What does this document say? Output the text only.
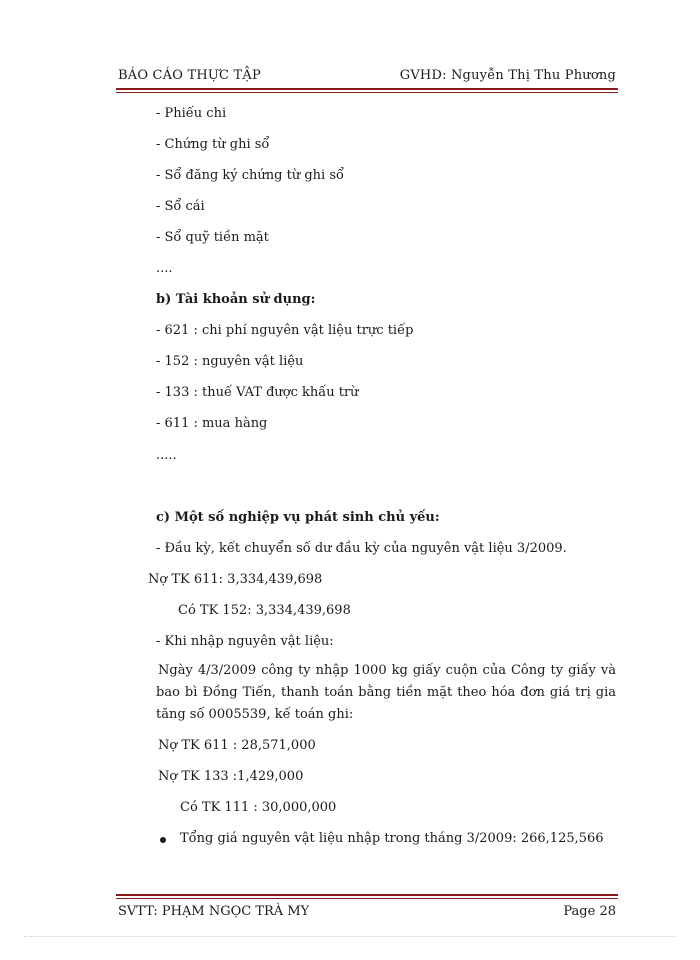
BÁO CÁO THỰC TẬP	GVHD: Nguyễn Thị Thu Phương
- Phiếu chi
- Chứng từ ghi sổ
- Sổ đăng ký chứng từ ghi sổ
- Sổ cái
- Sổ quỹ tiền mặt
....
b) Tài khoản sử dụng:
- 621 : chi phí nguyên vật liệu trực tiếp
- 152 : nguyên vật liệu
- 133 : thuế VAT được khấu trừ
- 611 : mua hàng
.....
c) Một số nghiệp vụ phát sinh chủ yếu:
- Đầu kỳ, kết chuyển số dư đầu kỳ của nguyên vật liệu 3/2009.
Nợ TK 611: 3,334,439,698
Có TK 152: 3,334,439,698
- Khi nhập nguyên vật liệu:
Ngày 4/3/2009 công ty nhập 1000 kg giấy cuộn của Công ty giấy và bao bì Đồng Tiến, thanh toán bằng tiền mặt theo hóa đơn giá trị gia tăng số 0005539, kế toán ghi:
Nợ TK 611 : 28,571,000
Nợ TK 133 :1,429,000
Có TK 111 : 30,000,000
Tổng giá nguyên vật liệu nhập trong tháng 3/2009: 266,125,566
SVTT: PHẠM NGỌC TRÀ MY	Page 28
